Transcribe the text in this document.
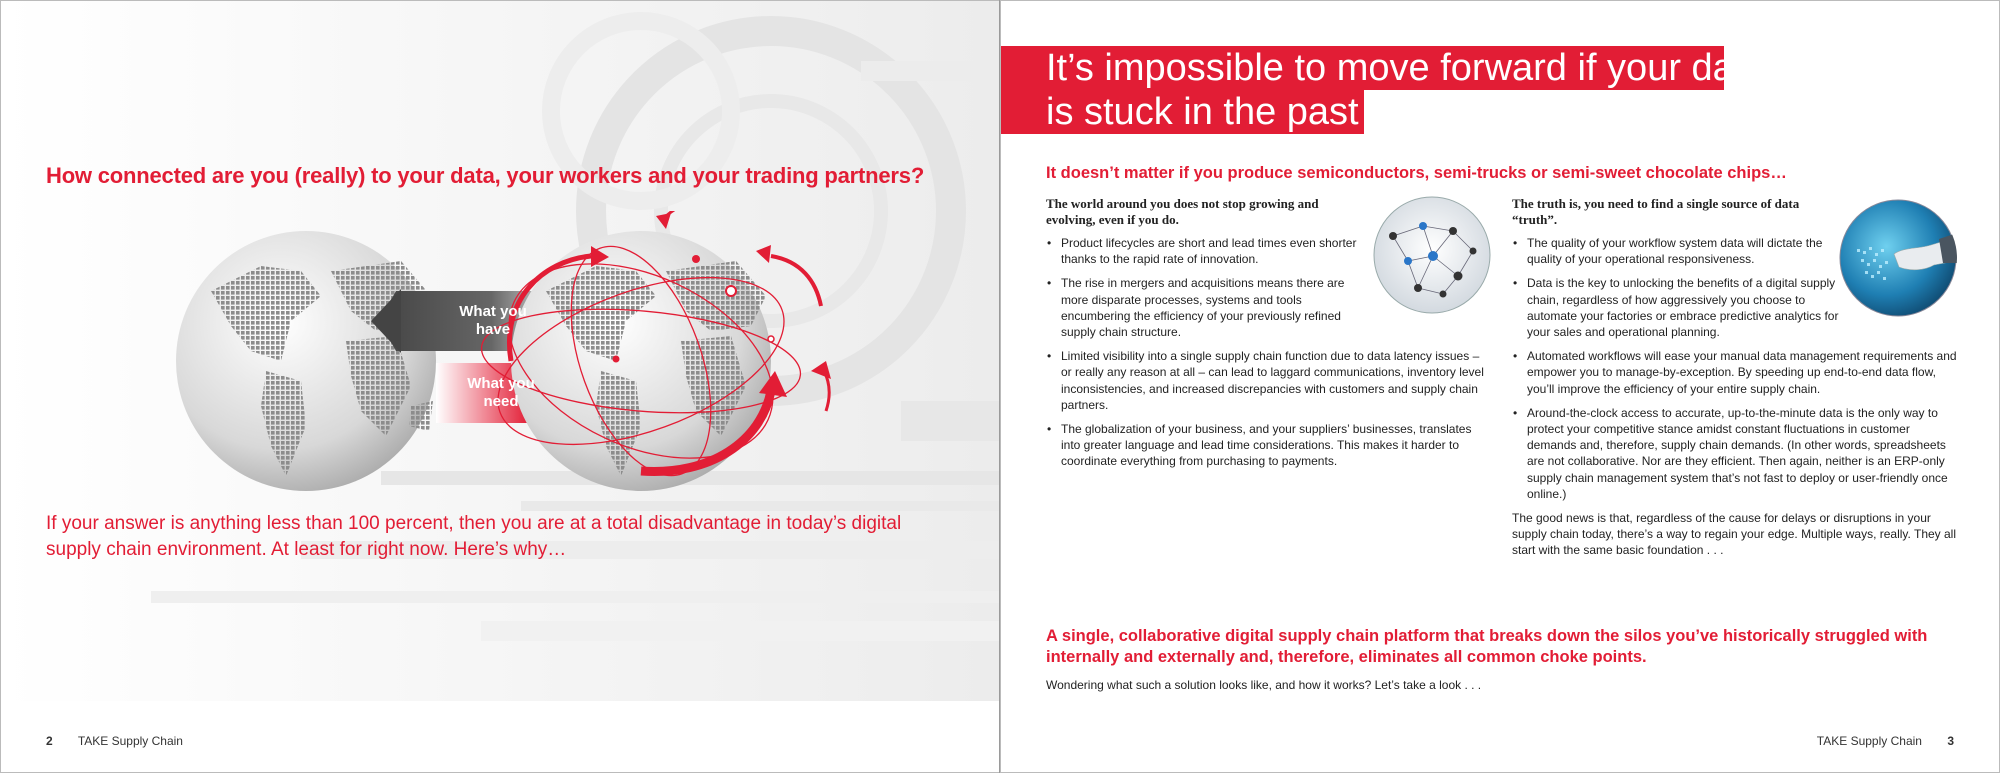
How connected are you (really) to your data, your workers and your trading partners?
What you have
What you need
If your answer is anything less than 100 percent, then you are at a total disadvantage in today’s digital supply chain environment. At least for right now. Here’s why…
2 TAKE Supply Chain
It’s impossible to move forward if your data
is stuck in the past
It doesn’t matter if you produce semiconductors, semi-trucks or semi-sweet chocolate chips…
The world around you does not stop growing and evolving, even if you do.
• Product lifecycles are short and lead times even shorter thanks to the rapid rate of innovation.
• The rise in mergers and acquisitions means there are more disparate processes, systems and tools encumbering the efficiency of your previously refined supply chain structure.
• Limited visibility into a single supply chain function due to data latency issues – or really any reason at all – can lead to laggard communications, inventory level inconsistencies, and increased discrepancies with customers and supply chain partners.
• The globalization of your business, and your suppliers’ businesses, translates into greater language and lead time considerations. This makes it harder to coordinate everything from purchasing to payments.
The truth is, you need to find a single source of data “truth”.
• The quality of your workflow system data will dictate the quality of your operational responsiveness.
• Data is the key to unlocking the benefits of a digital supply chain, regardless of how aggressively you choose to automate your factories or embrace predictive analytics for your sales and operational planning.
• Automated workflows will ease your manual data management requirements and empower you to manage-by-exception. By speeding up end-to-end data flow, you’ll improve the efficiency of your entire supply chain.
• Around-the-clock access to accurate, up-to-the-minute data is the only way to protect your competitive stance amidst constant fluctuations in customer demands and, therefore, supply chain demands. (In other words, spreadsheets are not collaborative. Nor are they efficient. Then again, neither is an ERP-only supply chain management system that’s not fast to deploy or user-friendly once online.)
The good news is that, regardless of the cause for delays or disruptions in your supply chain today, there’s a way to regain your edge. Multiple ways, really. They all start with the same basic foundation . . .
A single, collaborative digital supply chain platform that breaks down the silos you’ve historically struggled with internally and externally and, therefore, eliminates all common choke points.
Wondering what such a solution looks like, and how it works? Let’s take a look . . .
TAKE Supply Chain 3
